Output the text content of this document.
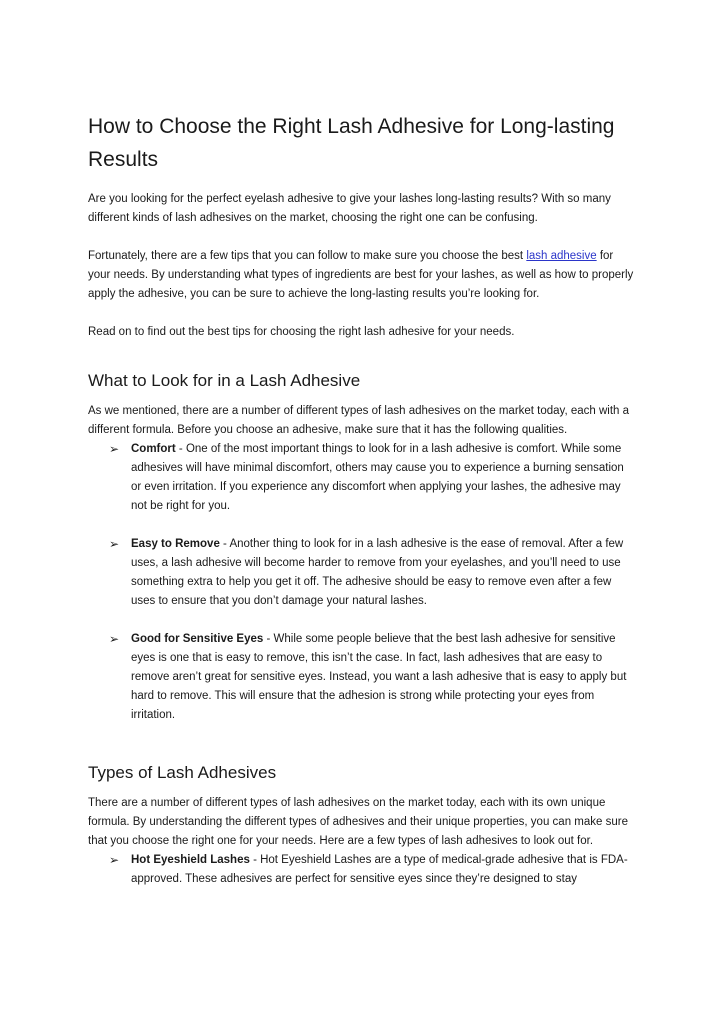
How to Choose the Right Lash Adhesive for Long-lasting Results

Are you looking for the perfect eyelash adhesive to give your lashes long-lasting results? With so many different kinds of lash adhesives on the market, choosing the right one can be confusing.

Fortunately, there are a few tips that you can follow to make sure you choose the best lash adhesive for your needs. By understanding what types of ingredients are best for your lashes, as well as how to properly apply the adhesive, you can be sure to achieve the long-lasting results you’re looking for.

Read on to find out the best tips for choosing the right lash adhesive for your needs.

What to Look for in a Lash Adhesive

As we mentioned, there are a number of different types of lash adhesives on the market today, each with a different formula. Before you choose an adhesive, make sure that it has the following qualities.

➢ Comfort - One of the most important things to look for in a lash adhesive is comfort. While some adhesives will have minimal discomfort, others may cause you to experience a burning sensation or even irritation. If you experience any discomfort when applying your lashes, the adhesive may not be right for you.
➢ Easy to Remove - Another thing to look for in a lash adhesive is the ease of removal. After a few uses, a lash adhesive will become harder to remove from your eyelashes, and you’ll need to use something extra to help you get it off. The adhesive should be easy to remove even after a few uses to ensure that you don’t damage your natural lashes.
➢ Good for Sensitive Eyes - While some people believe that the best lash adhesive for sensitive eyes is one that is easy to remove, this isn’t the case. In fact, lash adhesives that are easy to remove aren’t great for sensitive eyes. Instead, you want a lash adhesive that is easy to apply but hard to remove. This will ensure that the adhesion is strong while protecting your eyes from irritation.
Types of Lash Adhesives

There are a number of different types of lash adhesives on the market today, each with its own unique formula. By understanding the different types of adhesives and their unique properties, you can make sure that you choose the right one for your needs. Here are a few types of lash adhesives to look out for.

➢ Hot Eyeshield Lashes - Hot Eyeshield Lashes are a type of medical-grade adhesive that is FDA-approved. These adhesives are perfect for sensitive eyes since they’re designed to stay
